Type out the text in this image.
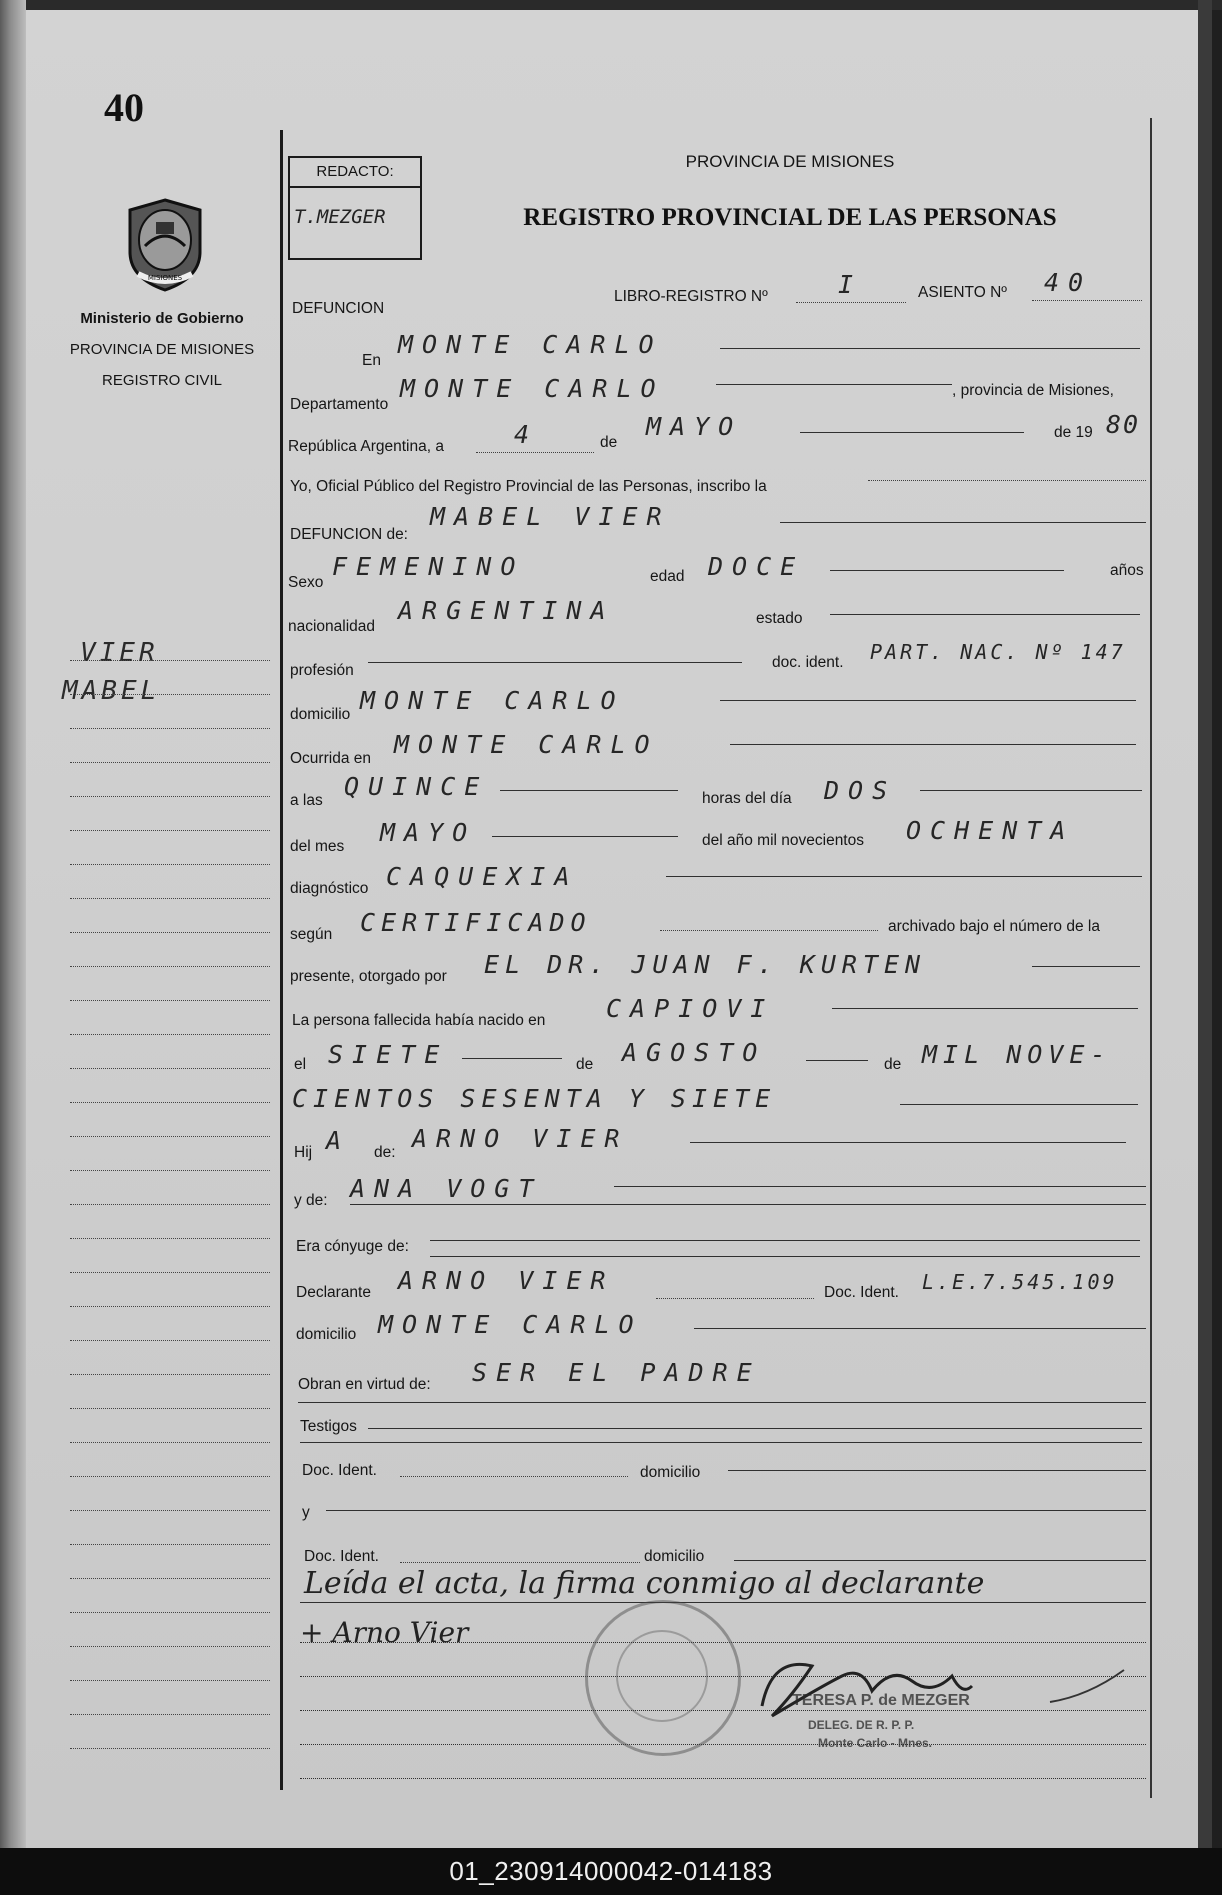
40
MISIONES
Ministerio de Gobierno
PROVINCIA DE MISIONES
REGISTRO CIVIL
VIER
MABEL
REDACTO:
T.MEZGER
PROVINCIA DE MISIONES
REGISTRO PROVINCIAL DE LAS PERSONAS
DEFUNCION
LIBRO-REGISTRO Nº	I	ASIENTO Nº 40
En
MONTE CARLO
Departamento
MONTE CARLO	, provincia de Misiones,
República Argentina, a	4	de
MAYO	de 19 80
Yo, Oficial Público del Registro Provincial de las Personas, inscribo la
DEFUNCION de:
MABEL VIER
Sexo
FEMENINO	edad DOCE	años
nacionalidad
ARGENTINA	estado
profesión	doc. ident. PART. NAC. Nº 147
domicilio MONTE CARLO
Ocurrida en MONTE CARLO
a las QUINCE	horas del día DOS
del mes MAYO	del año mil novecientos OCHENTA
diagnóstico CAQUEXIA
según CERTIFICADO	archivado bajo el número de la
presente, otorgado por EL DR. JUAN F. KURTEN
La persona fallecida había nacido en CAPIOVI
el SIETE	de AGOSTO	de MIL NOVE-
CIENTOS SESENTA Y SIETE
Hij A de: ARNO VIER
y de: ANA VOGT
Era cónyuge de:
Declarante ARNO VIER	Doc. Ident. L.E.7.545.109
domicilio MONTE CARLO
Obran en virtud de: SER EL PADRE
Testigos
Doc. Ident.	domicilio
y
Doc. Ident.	domicilio
Leída el acta, la firma conmigo al declarante
+ Arno Vier
TERESA P. de MEZGER
DELEG. DE R. P. P.
Monte Carlo - Mnes.
01_230914000042-014183
